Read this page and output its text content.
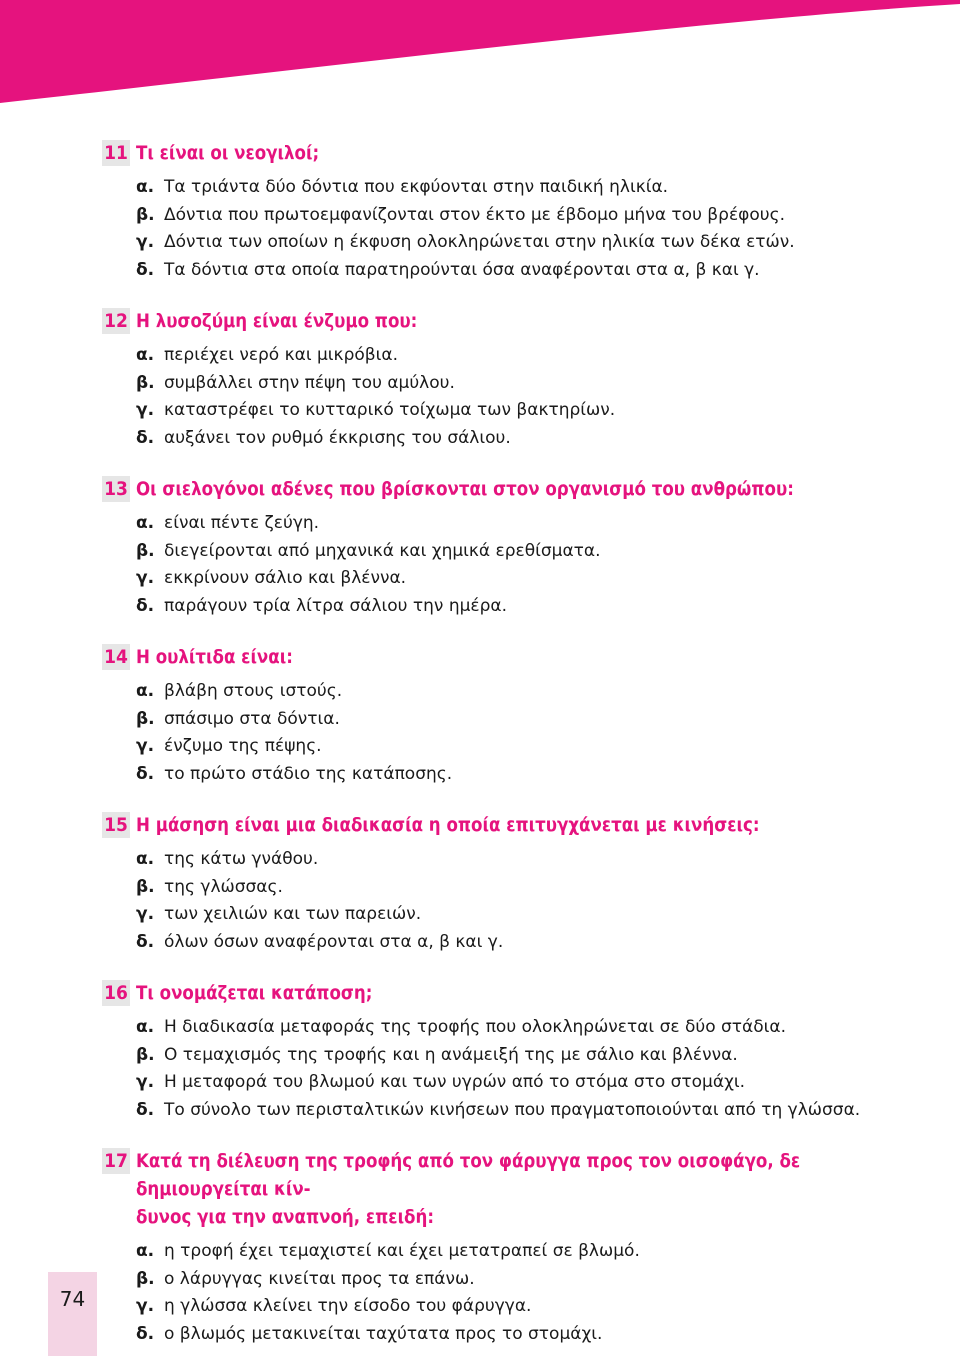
11 Τι είναι οι νεογιλοί;
α. Τα τριάντα δύο δόντια που εκφύονται στην παιδική ηλικία.
β. Δόντια που πρωτοεμφανίζονται στον έκτο με έβδομο μήνα του βρέφους.
γ. Δόντια των οποίων η έκφυση ολοκληρώνεται στην ηλικία των δέκα ετών.
δ. Τα δόντια στα οποία παρατηρούνται όσα αναφέρονται στα α, β και γ.
12 Η λυσοζύμη είναι ένζυμο που:
α. περιέχει νερό και μικρόβια.
β. συμβάλλει στην πέψη του αμύλου.
γ. καταστρέφει το κυτταρικό τοίχωμα των βακτηρίων.
δ. αυξάνει τον ρυθμό έκκρισης του σάλιου.
13 Οι σιελογόνοι αδένες που βρίσκονται στον οργανισμό του ανθρώπου:
α. είναι πέντε ζεύγη.
β. διεγείρονται από μηχανικά και χημικά ερεθίσματα.
γ. εκκρίνουν σάλιο και βλέννα.
δ. παράγουν τρία λίτρα σάλιου την ημέρα.
14 Η ουλίτιδα είναι:
α. βλάβη στους ιστούς.
β. σπάσιμο στα δόντια.
γ. ένζυμο της πέψης.
δ. το πρώτο στάδιο της κατάποσης.
15 Η μάσηση είναι μια διαδικασία η οποία επιτυγχάνεται με κινήσεις:
α. της κάτω γνάθου.
β. της γλώσσας.
γ. των χειλιών και των παρειών.
δ. όλων όσων αναφέρονται στα α, β και γ.
16 Τι ονομάζεται κατάποση;
α. Η διαδικασία μεταφοράς της τροφής που ολοκληρώνεται σε δύο στάδια.
β. Ο τεμαχισμός της τροφής και η ανάμειξή της με σάλιο και βλέννα.
γ. Η μεταφορά του βλωμού και των υγρών από το στόμα στο στομάχι.
δ. Το σύνολο των περισταλτικών κινήσεων που πραγματοποιούνται από τη γλώσσα.
17 Κατά τη διέλευση της τροφής από τον φάρυγγα προς τον οισοφάγο, δε δημιουργείται κίν-
δυνος για την αναπνοή, επειδή:
α. η τροφή έχει τεμαχιστεί και έχει μετατραπεί σε βλωμό.
β. ο λάρυγγας κινείται προς τα επάνω.
γ. η γλώσσα κλείνει την είσοδο του φάρυγγα.
δ. ο βλωμός μετακινείται ταχύτατα προς το στομάχι.
74
